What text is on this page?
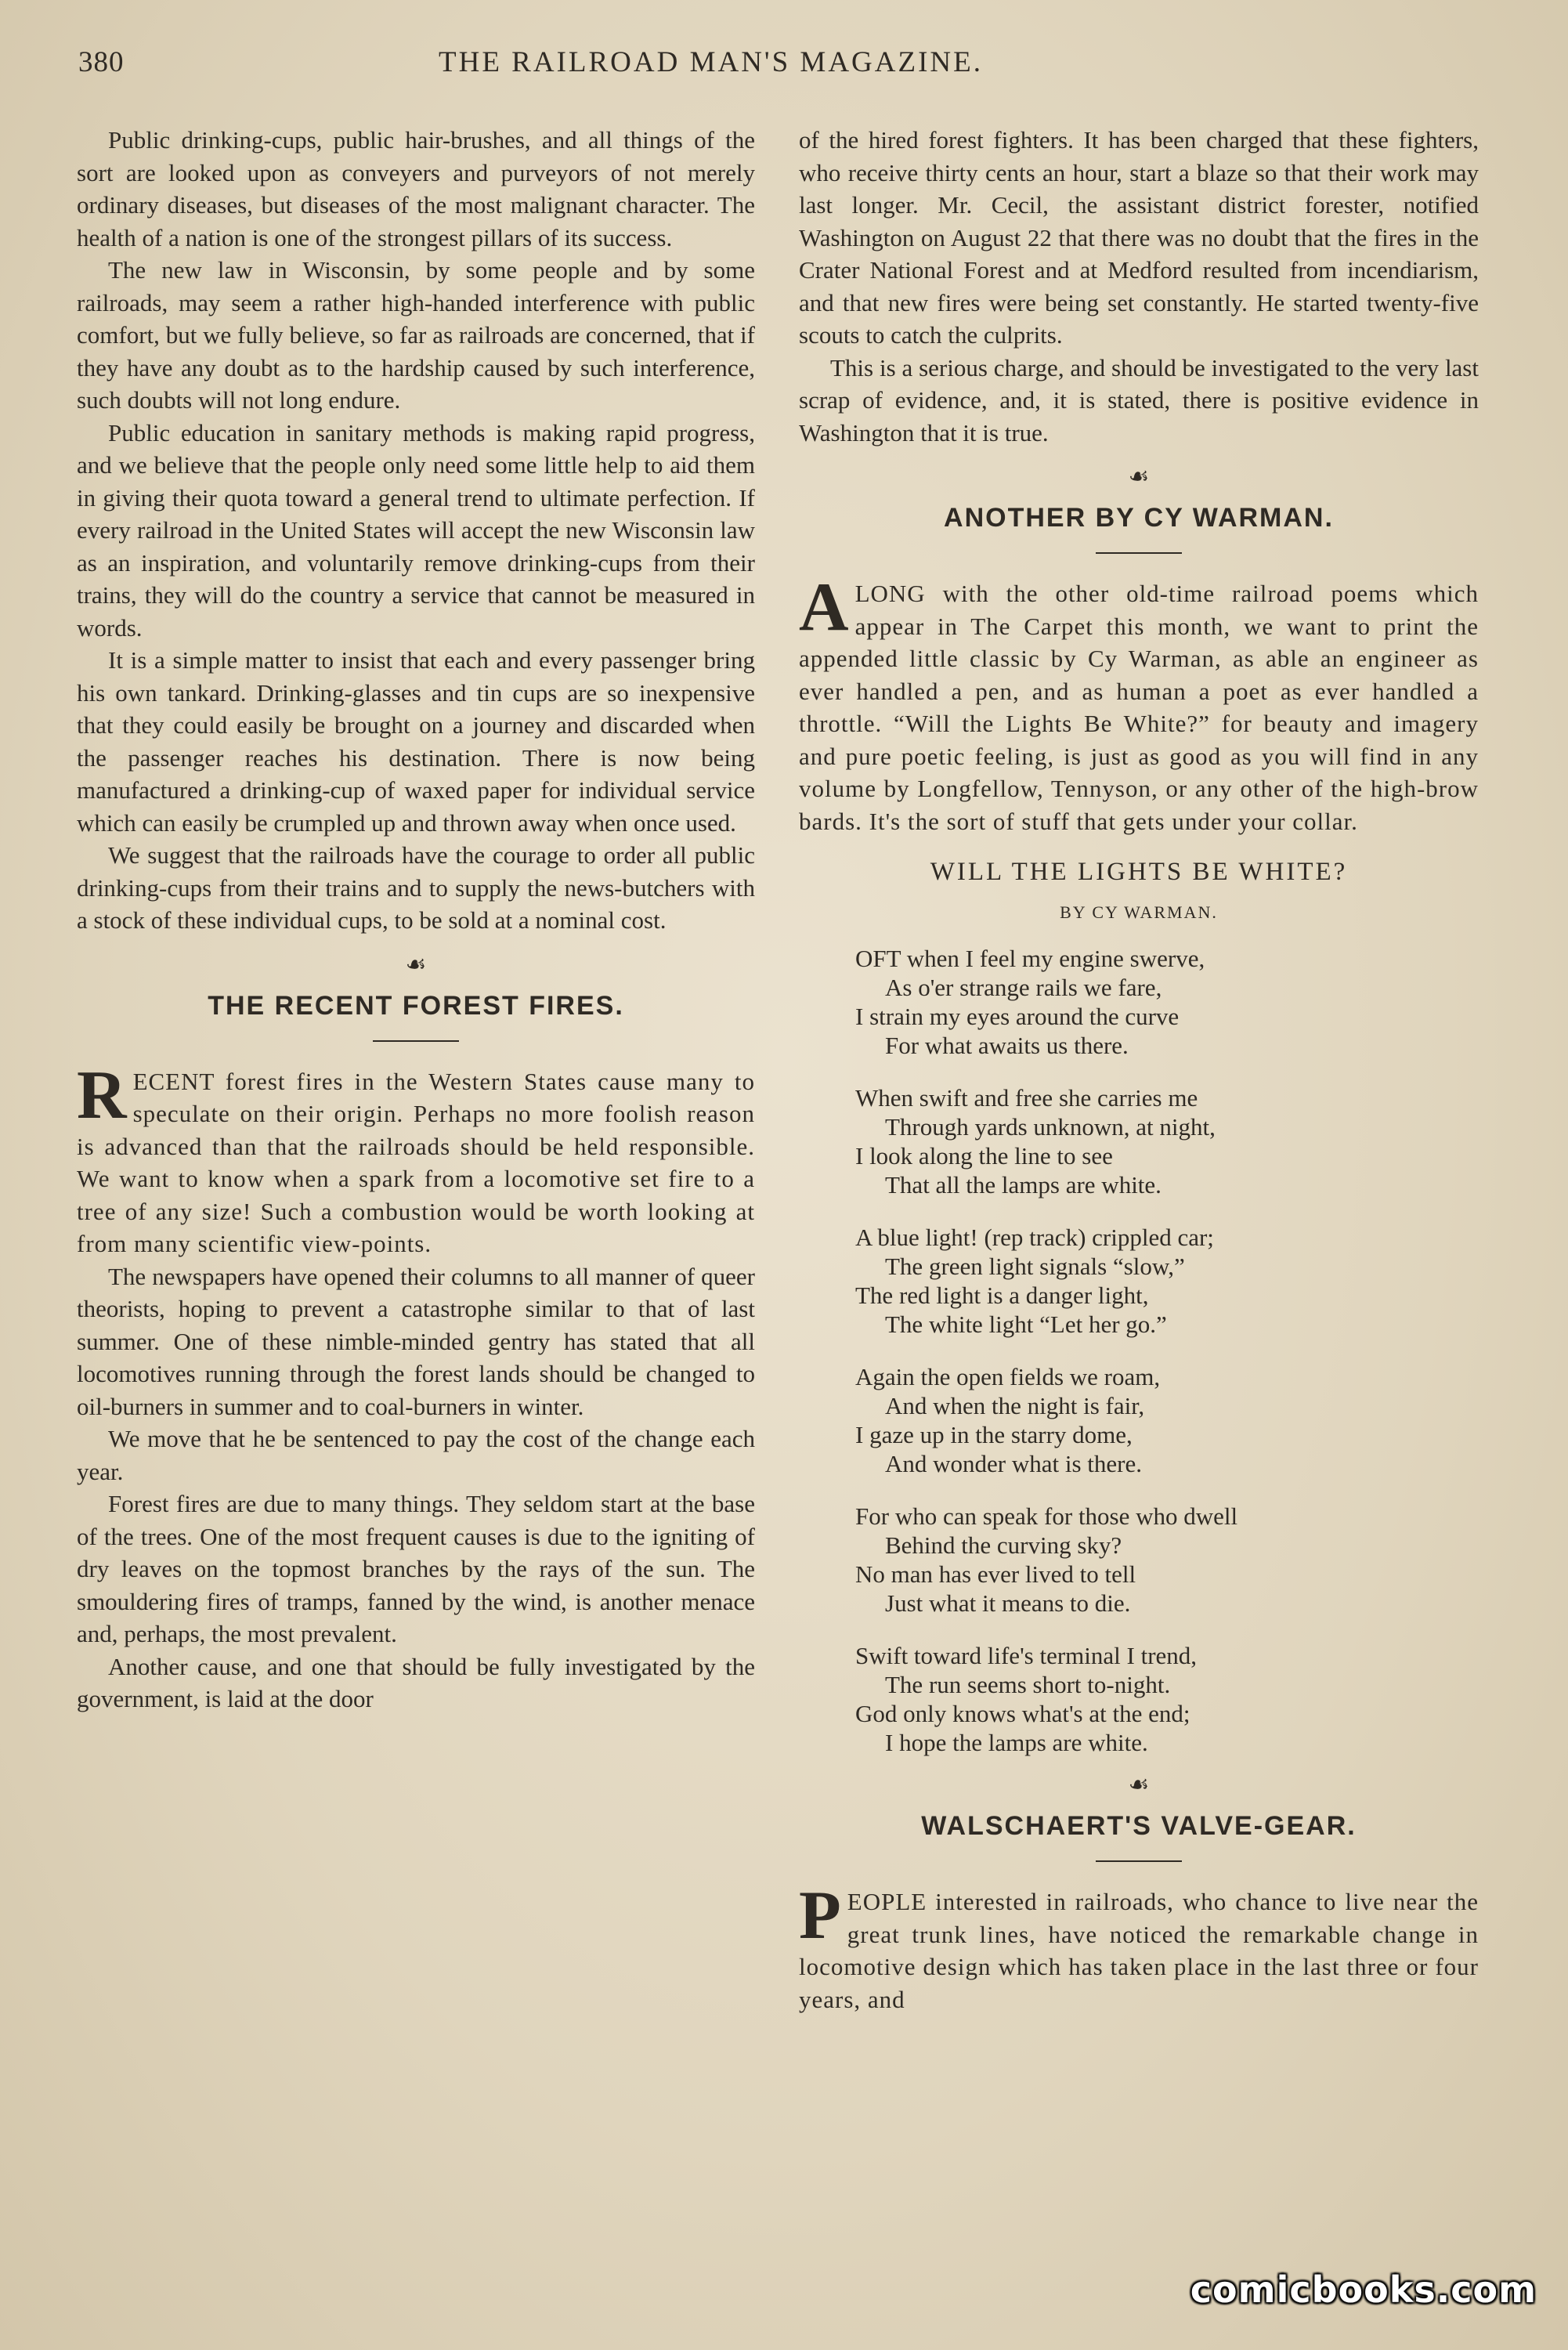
380	THE RAILROAD MAN'S MAGAZINE.

Public drinking-cups, public hair-brushes, and all things of the sort are looked upon as conveyers and purveyors of not merely ordinary diseases, but diseases of the most malignant character. The health of a nation is one of the strongest pillars of its success.

The new law in Wisconsin, by some people and by some railroads, may seem a rather high-handed interference with public comfort, but we fully believe, so far as railroads are concerned, that if they have any doubt as to the hardship caused by such interference, such doubts will not long endure.

Public education in sanitary methods is making rapid progress, and we believe that the people only need some little help to aid them in giving their quota toward a general trend to ultimate perfection. If every railroad in the United States will accept the new Wisconsin law as an inspiration, and voluntarily remove drinking-cups from their trains, they will do the country a service that cannot be measured in words.

It is a simple matter to insist that each and every passenger bring his own tankard. Drinking-glasses and tin cups are so inexpensive that they could easily be brought on a journey and discarded when the passenger reaches his destination. There is now being manufactured a drinking-cup of waxed paper for individual service which can easily be crumpled up and thrown away when once used.

We suggest that the railroads have the courage to order all public drinking-cups from their trains and to supply the news-butchers with a stock of these individual cups, to be sold at a nominal cost.

☙
THE RECENT FOREST FIRES.

RECENT forest fires in the Western States cause many to speculate on their origin. Perhaps no more foolish reason is advanced than that the railroads should be held responsible. We want to know when a spark from a locomotive set fire to a tree of any size! Such a combustion would be worth looking at from many scientific view-points.

The newspapers have opened their columns to all manner of queer theorists, hoping to prevent a catastrophe similar to that of last summer. One of these nimble-minded gentry has stated that all locomotives running through the forest lands should be changed to oil-burners in summer and to coal-burners in winter.

We move that he be sentenced to pay the cost of the change each year.

Forest fires are due to many things. They seldom start at the base of the trees. One of the most frequent causes is due to the igniting of dry leaves on the topmost branches by the rays of the sun. The smouldering fires of tramps, fanned by the wind, is another menace and, perhaps, the most prevalent.

Another cause, and one that should be fully investigated by the government, is laid at the door

of the hired forest fighters. It has been charged that these fighters, who receive thirty cents an hour, start a blaze so that their work may last longer. Mr. Cecil, the assistant district forester, notified Washington on August 22 that there was no doubt that the fires in the Crater National Forest and at Medford resulted from incendiarism, and that new fires were being set constantly. He started twenty-five scouts to catch the culprits.

This is a serious charge, and should be investigated to the very last scrap of evidence, and, it is stated, there is positive evidence in Washington that it is true.

☙
ANOTHER BY CY WARMAN.

ALONG with the other old-time railroad poems which appear in The Carpet this month, we want to print the appended little classic by Cy Warman, as able an engineer as ever handled a pen, and as human a poet as ever handled a throttle. “Will the Lights Be White?” for beauty and imagery and pure poetic feeling, is just as good as you will find in any volume by Longfellow, Tennyson, or any other of the high-brow bards. It's the sort of stuff that gets under your collar.

WILL THE LIGHTS BE WHITE?
BY CY WARMAN.
OFT when I feel my engine swerve,
As o'er strange rails we fare,
I strain my eyes around the curve
For what awaits us there.
When swift and free she carries me
Through yards unknown, at night,
I look along the line to see
That all the lamps are white.
A blue light! (rep track) crippled car;
The green light signals “slow,”
The red light is a danger light,
The white light “Let her go.”
Again the open fields we roam,
And when the night is fair,
I gaze up in the starry dome,
And wonder what is there.
For who can speak for those who dwell
Behind the curving sky?
No man has ever lived to tell
Just what it means to die.
Swift toward life's terminal I trend,
The run seems short to-night.
God only knows what's at the end;
I hope the lamps are white.
☙
WALSCHAERT'S VALVE-GEAR.

PEOPLE interested in railroads, who chance to live near the great trunk lines, have noticed the remarkable change in locomotive design which has taken place in the last three or four years, and

comicbooks.com
